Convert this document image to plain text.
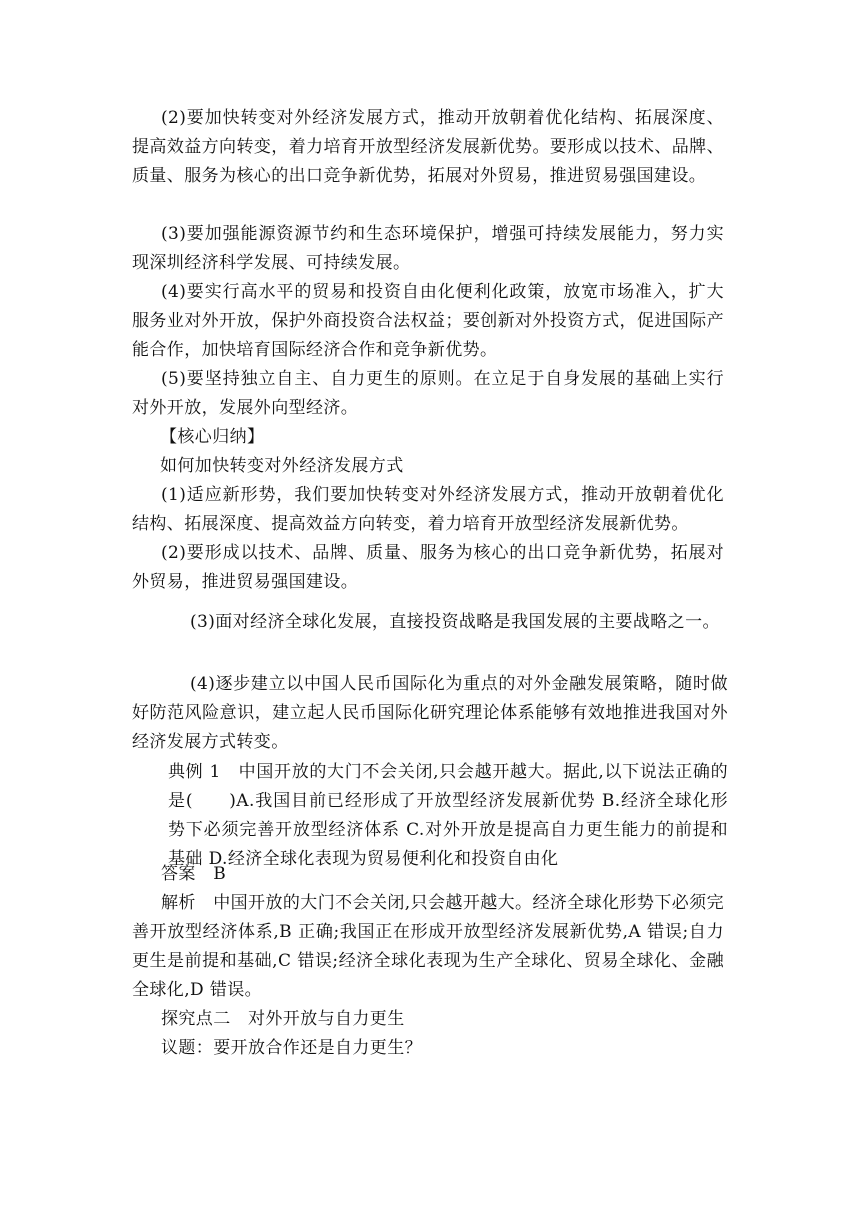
(2)要加快转变对外经济发展方式，推动开放朝着优化结构、拓展深度、提高效益方向转变，着力培育开放型经济发展新优势。要形成以技术、品牌、质量、服务为核心的出口竞争新优势，拓展对外贸易，推进贸易强国建设。

(3)要加强能源资源节约和生态环境保护，增强可持续发展能力，努力实现深圳经济科学发展、可持续发展。

(4)要实行高水平的贸易和投资自由化便利化政策，放宽市场准入，扩大服务业对外开放，保护外商投资合法权益；要创新对外投资方式，促进国际产能合作，加快培育国际经济合作和竞争新优势。

(5)要坚持独立自主、自力更生的原则。在立足于自身发展的基础上实行对外开放，发展外向型经济。

【核心归纳】

如何加快转变对外经济发展方式

(1)适应新形势，我们要加快转变对外经济发展方式，推动开放朝着优化结构、拓展深度、提高效益方向转变，着力培育开放型经济发展新优势。

(2)要形成以技术、品牌、质量、服务为核心的出口竞争新优势，拓展对外贸易，推进贸易强国建设。

(3)面对经济全球化发展，直接投资战略是我国发展的主要战略之一。

(4)逐步建立以中国人民币国际化为重点的对外金融发展策略，随时做好防范风险意识，建立起人民币国际化研究理论体系能够有效地推进我国对外经济发展方式转变。

典例 1　中国开放的大门不会关闭,只会越开越大。据此,以下说法正确的是(　　)A.我国目前已经形成了开放型经济发展新优势 B.经济全球化形势下必须完善开放型经济体系 C.对外开放是提高自力更生能力的前提和基础 D.经济全球化表现为贸易便利化和投资自由化

答案　B

解析　中国开放的大门不会关闭,只会越开越大。经济全球化形势下必须完善开放型经济体系,B 正确;我国正在形成开放型经济发展新优势,A 错误;自力更生是前提和基础,C 错误;经济全球化表现为生产全球化、贸易全球化、金融全球化,D 错误。

探究点二　对外开放与自力更生

议题：要开放合作还是自力更生？
